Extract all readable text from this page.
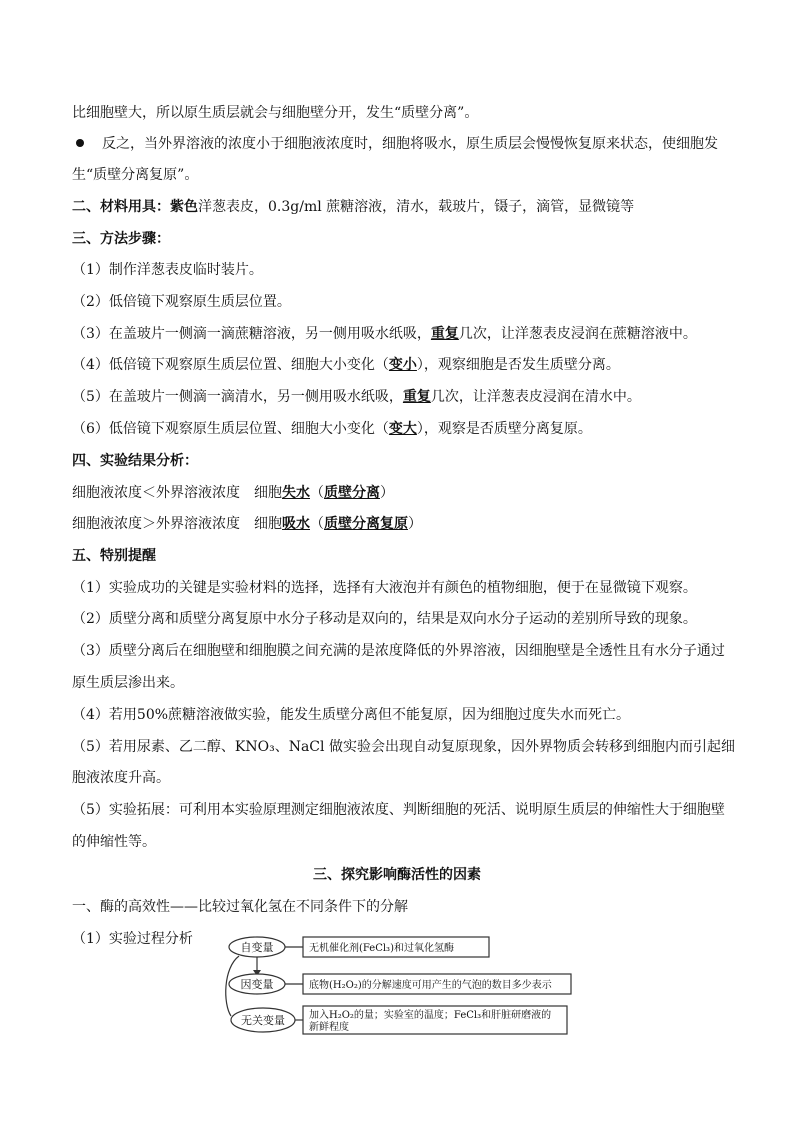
比细胞壁大，所以原生质层就会与细胞壁分开，发生“质壁分离”。
反之，当外界溶液的浓度小于细胞液浓度时，细胞将吸水，原生质层会慢慢恢复原来状态，使细胞发
生“质壁分离复原”。
二、材料用具：紫色洋葱表皮，0.3g/ml 蔗糖溶液，清水，载玻片，镊子，滴管，显微镜等
三、方法步骤：
（1）制作洋葱表皮临时装片。
（2）低倍镜下观察原生质层位置。
（3）在盖玻片一侧滴一滴蔗糖溶液，另一侧用吸水纸吸，重复几次，让洋葱表皮浸润在蔗糖溶液中。
（4）低倍镜下观察原生质层位置、细胞大小变化（变小），观察细胞是否发生质壁分离。
（5）在盖玻片一侧滴一滴清水，另一侧用吸水纸吸，重复几次，让洋葱表皮浸润在清水中。
（6）低倍镜下观察原生质层位置、细胞大小变化（变大），观察是否质壁分离复原。
四、实验结果分析：
细胞液浓度＜外界溶液浓度　细胞失水（质壁分离）
细胞液浓度＞外界溶液浓度　细胞吸水（质壁分离复原）
五、特别提醒
（1）实验成功的关键是实验材料的选择，选择有大液泡并有颜色的植物细胞，便于在显微镜下观察。
（2）质壁分离和质壁分离复原中水分子移动是双向的，结果是双向水分子运动的差别所导致的现象。
（3）质壁分离后在细胞壁和细胞膜之间充满的是浓度降低的外界溶液，因细胞壁是全透性且有水分子通过
原生质层渗出来。
（4）若用50%蔗糖溶液做实验，能发生质壁分离但不能复原，因为细胞过度失水而死亡。
（5）若用尿素、乙二醇、KNO₃、NaCl 做实验会出现自动复原现象，因外界物质会转移到细胞内而引起细
胞液浓度升高。
（5）实验拓展：可利用本实验原理测定细胞液浓度、判断细胞的死活、说明原生质层的伸缩性大于细胞壁
的伸缩性等。
三、探究影响酶活性的因素
一、酶的高效性——比较过氧化氢在不同条件下的分解
（1）实验过程分析
自变量
因变量
无关变量
无机催化剂(FeCl₃)和过氧化氢酶
底物(H₂O₂)的分解速度可用产生的气泡的数目多少表示
加入H₂O₂的量；实验室的温度；FeCl₃和肝脏研磨液的
新鲜程度
